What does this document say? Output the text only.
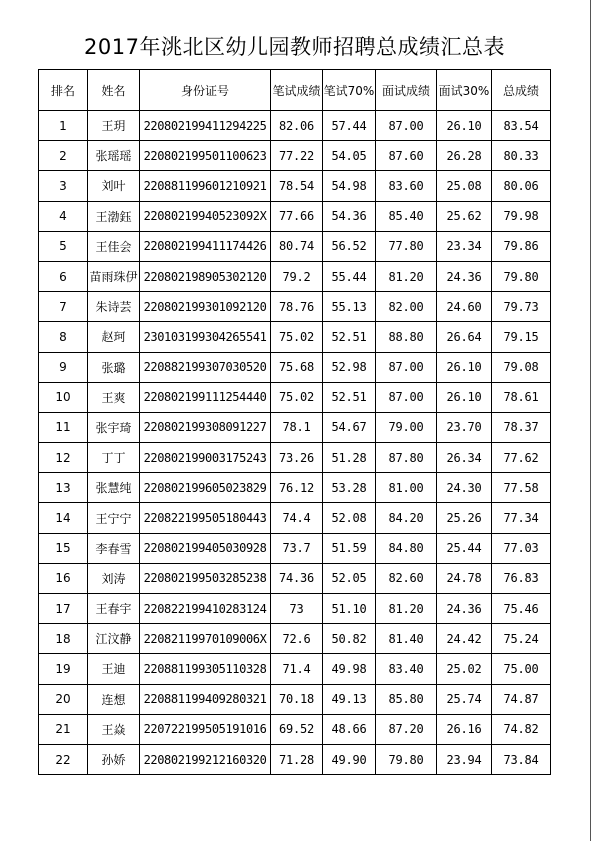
2017年洮北区幼儿园教师招聘总成绩汇总表
排名	姓名	身份证号	笔试成绩	笔试70%	面试成绩	面试30%	总成绩
1	王玥	220802199411294225	82.06	57.44	87.00	26.10	83.54
2	张瑶瑶	220802199501100623	77.22	54.05	87.60	26.28	80.33
3	刘叶	220881199601210921	78.54	54.98	83.60	25.08	80.06
4	王渤鈺	22080219940523092X	77.66	54.36	85.40	25.62	79.98
5	王佳会	220802199411174426	80.74	56.52	77.80	23.34	79.86
6	苗雨珠伊	220802198905302120	79.2	55.44	81.20	24.36	79.80
7	朱诗芸	220802199301092120	78.76	55.13	82.00	24.60	79.73
8	赵珂	230103199304265541	75.02	52.51	88.80	26.64	79.15
9	张璐	220882199307030520	75.68	52.98	87.00	26.10	79.08
10	王爽	220802199111254440	75.02	52.51	87.00	26.10	78.61
11	张宇琦	220802199308091227	78.1	54.67	79.00	23.70	78.37
12	丁丁	220802199003175243	73.26	51.28	87.80	26.34	77.62
13	张慧纯	220802199605023829	76.12	53.28	81.00	24.30	77.58
14	王宁宁	220822199505180443	74.4	52.08	84.20	25.26	77.34
15	李春雪	220802199405030928	73.7	51.59	84.80	25.44	77.03
16	刘涛	220802199503285238	74.36	52.05	82.60	24.78	76.83
17	王春宇	220822199410283124	73	51.10	81.20	24.36	75.46
18	江汶静	22082119970109006X	72.6	50.82	81.40	24.42	75.24
19	王迪	220881199305110328	71.4	49.98	83.40	25.02	75.00
20	连想	220881199409280321	70.18	49.13	85.80	25.74	74.87
21	王焱	220722199505191016	69.52	48.66	87.20	26.16	74.82
22	孙娇	220802199212160320	71.28	49.90	79.80	23.94	73.84
